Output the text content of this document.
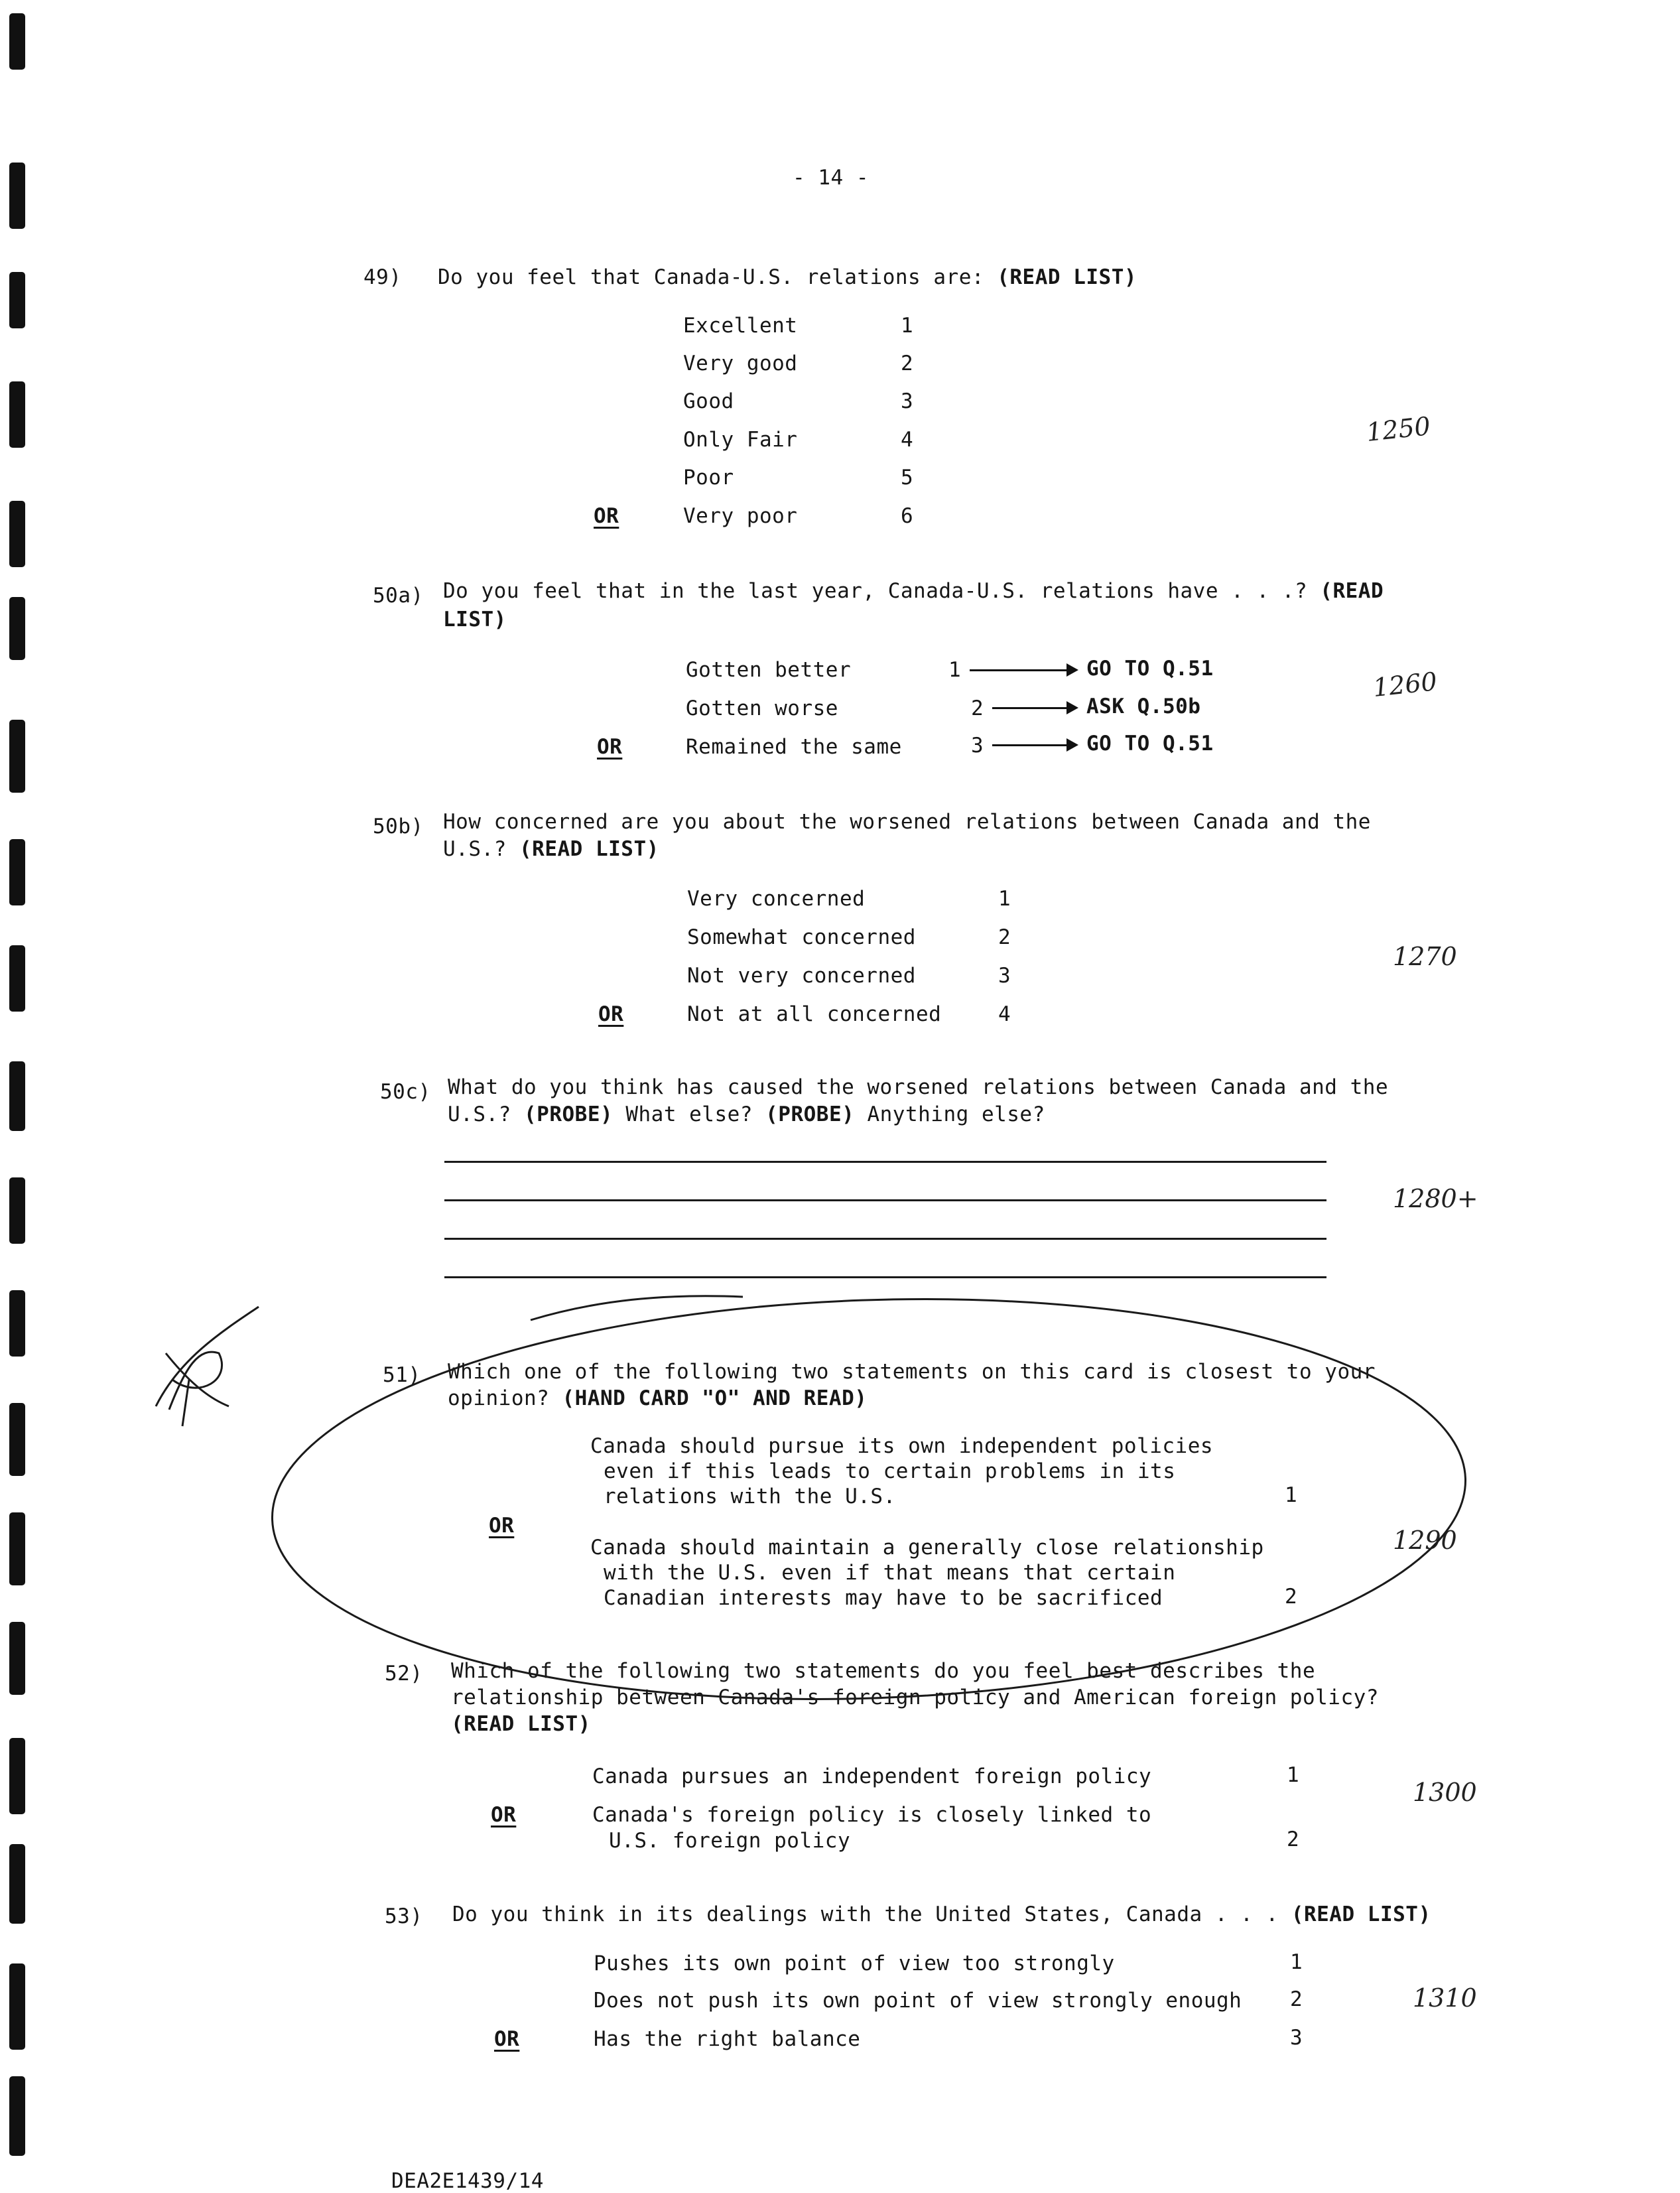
- 14 -
49) Do you feel that Canada-U.S. relations are: (READ LIST)
Excellent	1
Very good	2
Good	3
Only Fair	4
Poor	5
OR	Very poor	6
1250
50a) Do you feel that in the last year, Canada-U.S. relations have . . .? (READ
LIST)
Gotten better	1	GO TO Q.51
Gotten worse	2	ASK Q.50b
OR	Remained the same	3	GO TO Q.51
1260
50b) How concerned are you about the worsened relations between Canada and the
U.S.? (READ LIST)
Very concerned	1
Somewhat concerned	2
Not very concerned	3
OR	Not at all concerned	4
1270
50c) What do you think has caused the worsened relations between Canada and the
U.S.? (PROBE) What else? (PROBE) Anything else?
1280+
51) Which one of the following two statements on this card is closest to your
opinion? (HAND CARD "O" AND READ)
Canada should pursue its own independent policies
even if this leads to certain problems in its
relations with the U.S.	1
OR
Canada should maintain a generally close relationship
with the U.S. even if that means that certain
Canadian interests may have to be sacrificed	2
1290
52) Which of the following two statements do you feel best describes the
relationship between Canada's foreign policy and American foreign policy?
(READ LIST)
Canada pursues an independent foreign policy	1
OR	Canada's foreign policy is closely linked to
U.S. foreign policy	2
1300
53) Do you think in its dealings with the United States, Canada . . . (READ LIST)
Pushes its own point of view too strongly	1
Does not push its own point of view strongly enough 2
OR	Has the right balance	3
1310
DEA2E1439/14
